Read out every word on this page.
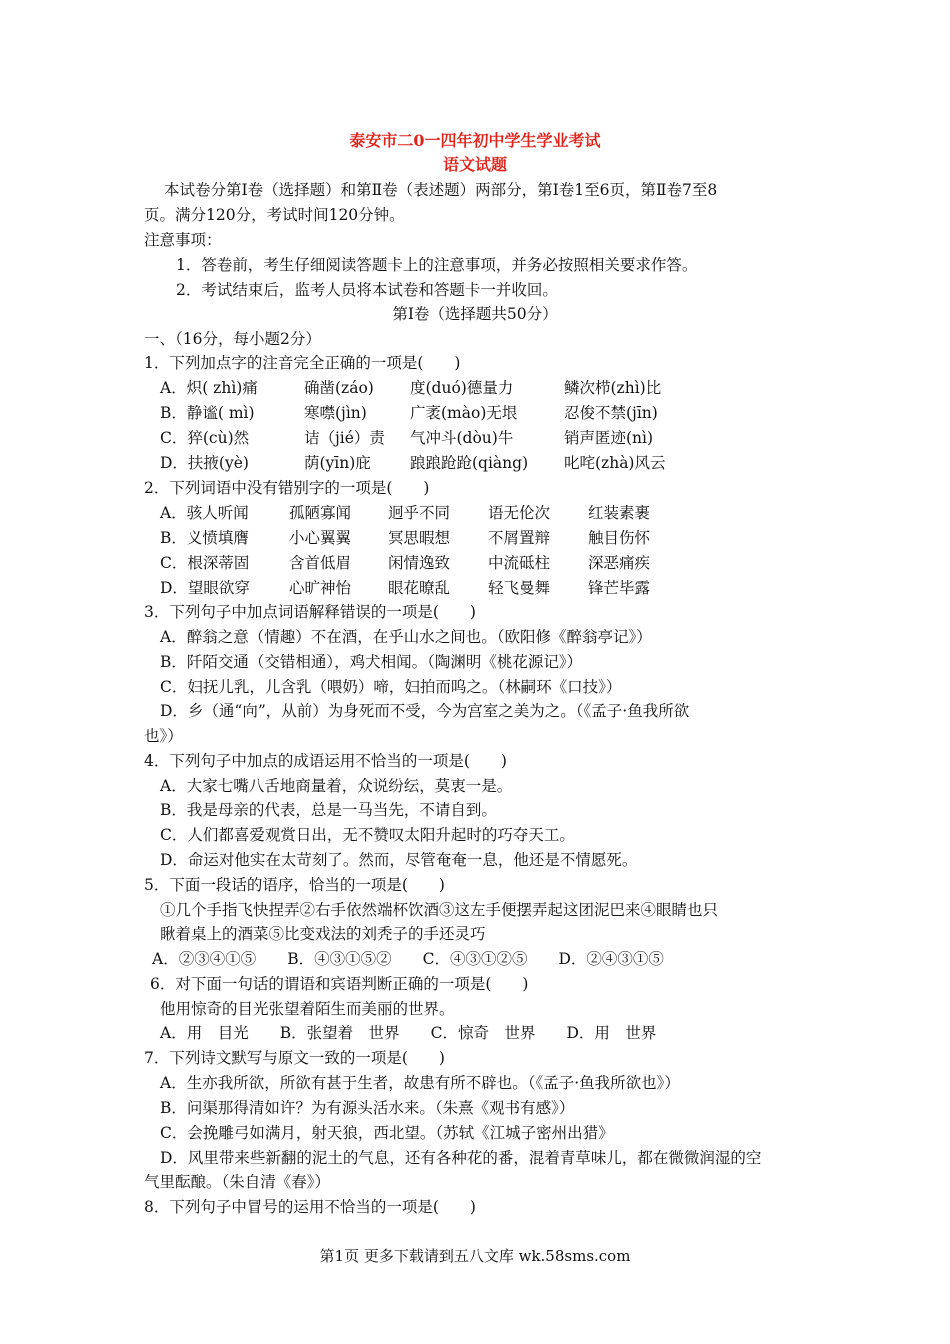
泰安市二0一四年初中学生学业考试
语文试题
本试卷分第Ⅰ卷（选择题）和第Ⅱ卷（表述题）两部分，第Ⅰ卷1至6页，第Ⅱ卷7至8
页。满分120分，考试时间120分钟。
注意事项：
1．答卷前，考生仔细阅读答题卡上的注意事项，并务必按照相关要求作答。
2．考试结束后，监考人员将本试卷和答题卡一并收回。
第Ⅰ卷（选择题共50分）
一、（16分，每小题2分）
1．下列加点字的注音完全正确的一项是(　　)
A．炽( zhì)痛	确凿(záo) 度(duó)德量力	鳞次栉(zhì)比
B．静谧( mì)	寒噤(jìn)	广袤(mào)无垠	忍俊不禁(jīn)
C．猝(cù)然	诘（jié）责 气冲斗(dòu)牛	销声匿迹(nì)
D．扶掖(yè)	荫(yīn)庇	踉踉跄跄(qiàng) 叱咤(zhà)风云
2．下列词语中没有错别字的一项是(　　)
A．骇人听闻	孤陋寡闻 迥乎不同 语无伦次 红装素裹
B．义愤填膺	小心翼翼 冥思暇想 不屑置辩 触目伤怀
C．根深蒂固	含首低眉 闲情逸致 中流砥柱 深恶痛疾
D．望眼欲穿	心旷神怡 眼花暸乱 轻飞曼舞 锋芒毕露
3．下列句子中加点词语解释错误的一项是(　　)
A．醉翁之意（情趣）不在酒，在乎山水之间也。（欧阳修《醉翁亭记》）
B．阡陌交通（交错相通），鸡犬相闻。（陶渊明《桃花源记》）
C．妇抚儿乳，儿含乳（喂奶）啼，妇拍而呜之。（林嗣环《口技》）
D．乡（通“向”，从前）为身死而不受，今为宫室之美为之。（《孟子·鱼我所欲
也》）
4．下列句子中加点的成语运用不恰当的一项是(　　)
A．大家七嘴八舌地商量着，众说纷纭，莫衷一是。
B．我是母亲的代表，总是一马当先，不请自到。
C．人们都喜爱观赏日出，无不赞叹太阳升起时的巧夺天工。
D．命运对他实在太苛刻了。然而，尽管奄奄一息，他还是不情愿死。
5．下面一段话的语序，恰当的一项是(　　)
①几个手指飞快捏弄②右手依然端杯饮酒③这左手便摆弄起这团泥巴来④眼睛也只
瞅着桌上的酒菜⑤比变戏法的刘秃子的手还灵巧
A．②③④①⑤　　B．④③①⑤②　　C．④③①②⑤　　D．②④③①⑤
6．对下面一句话的谓语和宾语判断正确的一项是(　　)
他用惊奇的目光张望着陌生而美丽的世界。
A．用　目光　　B．张望着　世界　　C．惊奇　世界　　D．用　世界
7．下列诗文默写与原文一致的一项是(　　)
A．生亦我所欲，所欲有甚于生者，故患有所不辟也。（《孟子·鱼我所欲也》）
B．问渠那得清如许？为有源头活水来。（朱熹《观书有感》）
C．会挽雕弓如满月，射天狼，西北望。（苏轼《江城子密州出猎》
D．风里带来些新翻的泥土的气息，还有各种花的番，混着青草味儿，都在微微润湿的空
气里酝酿。（朱自清《春》）
8．下列句子中冒号的运用不恰当的一项是(　　)
第1页 更多下载请到五八文库 wk.58sms.com
